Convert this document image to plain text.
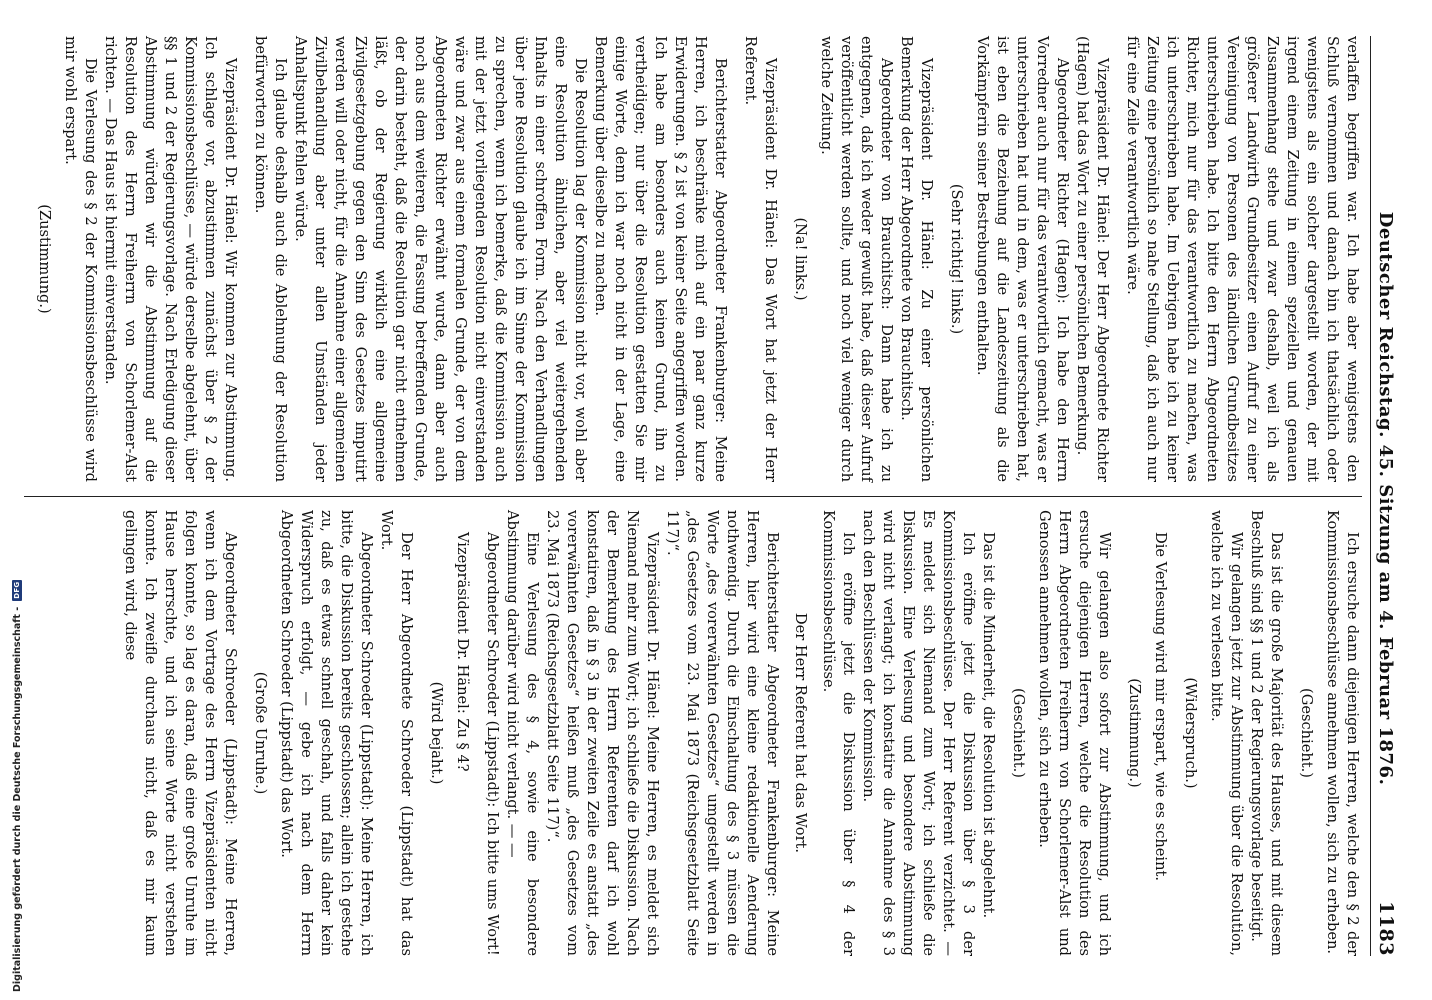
Deutscher Reichstag. 45. Sitzung am 4. Februar 1876.
1183

verlaffen begriffen war. Ich habe aber wenigstens den Schluß vernommen und danach bin ich thatsächlich oder wenigstens als ein solcher dargestellt worden, der mit irgend einem Zeitung in einem speziellen und genauen Zusammenhang stehe und zwar deshalb, weil ich als größerer Landwirth Grundbesitzer einen Aufruf zu einer Vereinigung von Personen des ländlichen Grundbesitzes unterschrieben habe. Ich bitte den Herrn Abgeordneten Richter, mich nur für das verantwortlich zu machen, was ich unterschrieben habe. Im Uebrigen habe ich zu keiner Zeitung eine persönlich so nahe Stellung, daß ich auch nur für eine Zeile verantwortlich wäre.

Vizepräsident Dr. Hänel: Der Herr Abgeordnete Richter (Hagen) hat das Wort zu einer persönlichen Bemerkung.

Abgeordneter Richter (Hagen): Ich habe den Herrn Vorredner auch nur für das verantwortlich gemacht, was er unterschrieben hat und in dem, was er unterschrieben hat, ist eben die Beziehung auf die Landeszeitung als die Vorkämpferin seiner Bestrebungen enthalten.

(Sehr richtig! links.)

Vizepräsident Dr. Hänel: Zu einer persönlichen Bemerkung der Herr Abgeordnete von Brauchitsch.

Abgeordneter von Brauchitsch: Dann habe ich zu entgegnen, daß ich weder gewußt habe, daß dieser Aufruf veröffentlicht werden sollte, und noch viel weniger durch welche Zeitung.

(Na! links.)

Vizepräsident Dr. Hänel: Das Wort hat jetzt der Herr Referent.

Berichterstatter Abgeordneter Frankenburger: Meine Herren, ich beschränke mich auf ein paar ganz kurze Erwiderungen. § 2 ist von keiner Seite angegriffen worden. Ich habe am besonders auch keinen Grund, ihn zu vertheidigen; nur über die Resolution gestatten Sie mir einige Worte, denn ich war noch nicht in der Lage, eine Bemerkung über dieselbe zu machen.

Die Resolution lag der Kommission nicht vor, wohl aber eine Resolution ähnlichen, aber viel weitergehenden Inhalts in einer schroffen Form. Nach den Verhandlungen über jene Resolution glaube ich im Sinne der Kommission zu sprechen, wenn ich bemerke, daß die Kommission auch mit der jetzt vorliegenden Resolution nicht einverstanden wäre und zwar aus einem formalen Grunde, der von dem Abgeordneten Richter erwähnt wurde, dann aber auch noch aus dem weiteren, die Fassung betreffenden Grunde, der darin besteht, daß die Resolution gar nicht entnehmen läßt, ob der Regierung wirklich eine allgemeine Zivilgesetzgebung gegen den Sinn des Gesetzes imputirt werden will oder nicht, für die Annahme einer allgemeinen Zivilbehandlung aber unter allen Umständen jeder Anhaltspunkt fehlen würde.

Ich glaube deshalb auch die Ablehnung der Resolution befürworten zu können.

Vizepräsident Dr. Hänel: Wir kommen zur Abstimmung. Ich schlage vor, abzustimmen zunächst über § 2 der Kommissionsbeschlüsse, — würde derselbe abgelehnt, über §§ 1 und 2 der Regierungsvorlage. Nach Erledigung dieser Abstimmung würden wir die Abstimmung auf die Resolution des Herrn Freiherrn von Schorlemer-Alst richten. — Das Haus ist hiermit einverstanden.

Die Verlesung des § 2 der Kommissionsbeschlüsse wird mir wohl erspart.

(Zustimmung.)

Ich ersuche dann diejenigen Herren, welche den § 2 der Kommissionsbeschlüsse annehmen wollen, sich zu erheben.

(Geschieht.)

Das ist die große Majorität des Hauses, und mit diesem Beschluß sind §§ 1 und 2 der Regierungsvorlage beseitigt.

Wir gelangen jetzt zur Abstimmung über die Resolution, welche ich zu verlesen bitte.

(Widerspruch.)

Die Verlesung wird mir erspart, wie es scheint.

(Zustimmung.)

Wir gelangen also sofort zur Abstimmung, und ich ersuche diejenigen Herren, welche die Resolution des Herrn Abgeordneten Freiherrn von Schorlemer-Alst und Genossen annehmen wollen, sich zu erheben.

(Geschieht.)

Das ist die Minderheit, die Resolution ist abgelehnt.

Ich eröffne jetzt die Diskussion über § 3 der Kommissionsbeschlüsse. Der Herr Referent verzichtet. — Es meldet sich Niemand zum Wort; ich schließe die Diskussion. Eine Verlesung und besondere Abstimmung wird nicht verlangt; ich konstatire die Annahme des § 3 nach den Beschlüssen der Kommission.

Ich eröffne jetzt die Diskussion über § 4 der Kommissionsbeschlüsse.

Der Herr Referent hat das Wort.

Berichterstatter Abgeordneter Frankenburger: Meine Herren, hier wird eine kleine redaktionelle Aenderung nothwendig. Durch die Einschaltung des § 3 müssen die Worte „des vorerwähnten Gesetzes“ umgestellt werden in „des Gesetzes vom 23. Mai 1873 (Reichsgesetzblatt Seite 117)“.

Vizepräsident Dr. Hänel: Meine Herren, es meldet sich Niemand mehr zum Wort; ich schließe die Diskussion. Nach der Bemerkung des Herrn Referenten darf ich wohl konstatiren, daß in § 3 in der zweiten Zeile es anstatt „des vorerwähnten Gesetzes“ heißen muß „des Gesetzes vom 23. Mai 1873 (Reichsgesetzblatt Seite 117)“.

Eine Verlesung des § 4, sowie eine besondere Abstimmung darüber wird nicht verlangt. — —

Abgeordneter Schroeder (Lippstadt): Ich bitte ums Wort!

Vizepräsident Dr. Hänel: Zu § 4?

(Wird bejaht.)

Der Herr Abgeordnete Schroeder (Lippstadt) hat das Wort.

Abgeordneter Schroeder (Lippstadt): Meine Herren, ich bitte, die Diskussion bereits geschlossen; allein ich gestehe zu, daß es etwas schnell geschah, und falls daher kein Widerspruch erfolgt, — gebe ich nach dem Herrn Abgeordneten Schroeder (Lippstadt) das Wort.

(Große Unruhe.)

Abgeordneter Schroeder (Lippstadt): Meine Herren, wenn ich dem Vortrage des Herrn Vizepräsidenten nicht folgen konnte, so lag es daran, daß eine große Unruhe im Hause herrschte, und ich seine Worte nicht verstehen konnte. Ich zweifle durchaus nicht, daß es mir kaum gelingen wird, diese

Digitalisierung gefördert durch die Deutsche Forschungsgemeinschaft -
DFG
